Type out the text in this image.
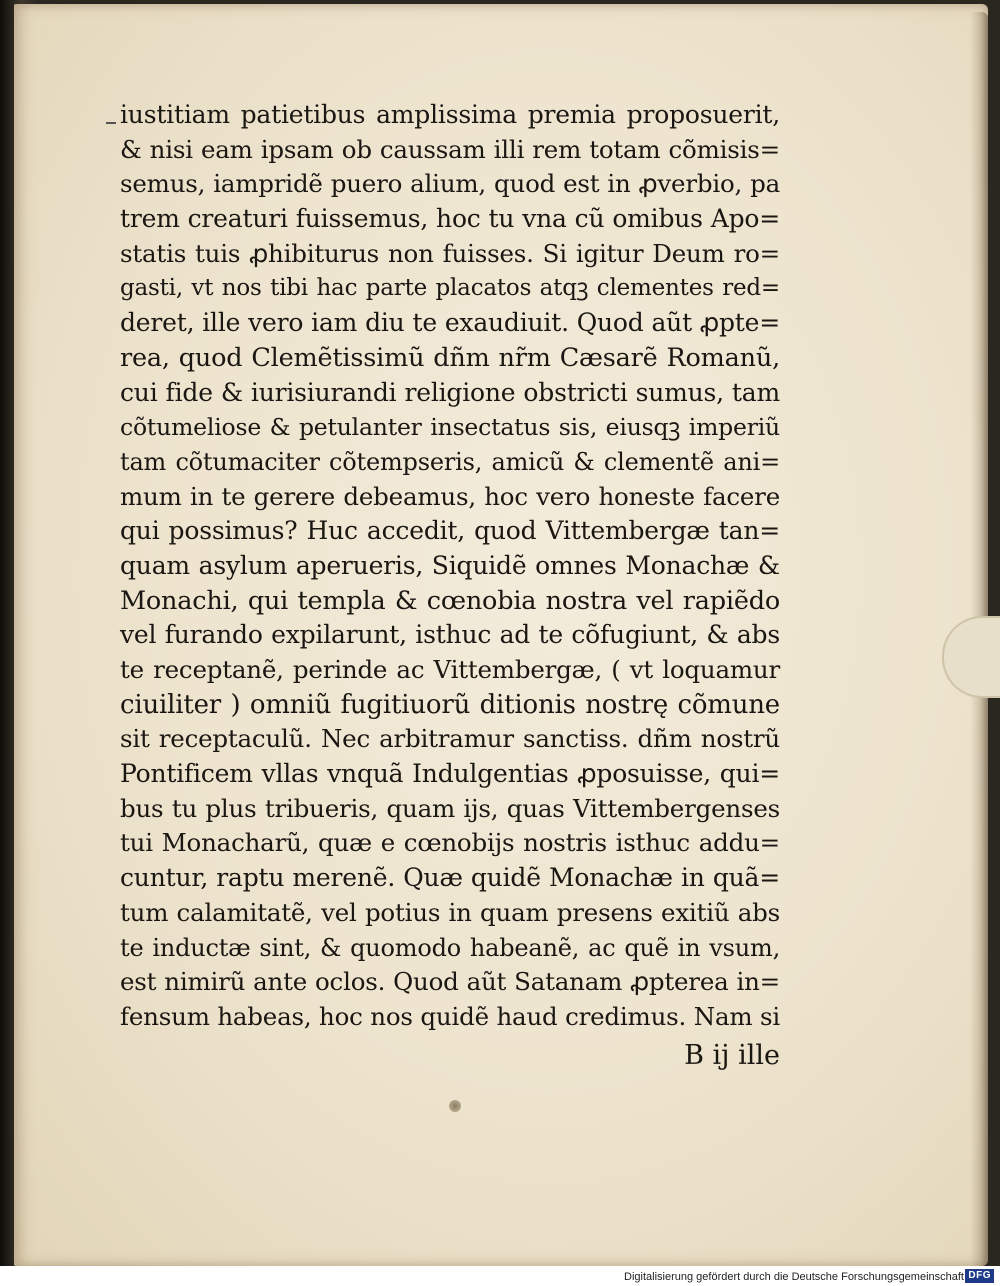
iustitiam patietibus amplissima premia proposuerit,
& nisi eam ipsam ob caussam illi rem totam cõmisis=
semus, iampridẽ puero alium, quod est in ꝓverbio, pa
trem creaturi fuissemus, hoc tu vna cũ omibus Apo=
statis tuis ꝓhibiturus non fuisses. Si igitur Deum ro=
gasti, vt nos tibi hac parte placatos atqꝫ clementes red=
deret, ille vero iam diu te exaudiuit. Quod aũt ꝓpte=
rea, quod Clemẽtissimũ dñm nr̃m Cæsarẽ Romanũ,
cui fide & iurisiurandi religione obstricti sumus, tam
cõtumeliose & petulanter insectatus sis, eiusqꝫ imperiũ
tam cõtumaciter cõtempseris, amicũ & clementẽ ani=
mum in te gerere debeamus, hoc vero honeste facere
qui possimus? Huc accedit, quod Vittembergæ tan=
quam asylum aperueris, Siquidẽ omnes Monachæ &
Monachi, qui templa & cœnobia nostra vel rapiẽdo
vel furando expilarunt, isthuc ad te cõfugiunt, & abs
te receptanẽ, perinde ac Vittembergæ, ( vt loquamur
ciuiliter ) omniũ fugitiuorũ ditionis nostrę cõmune
sit receptaculũ. Nec arbitramur sanctiss. dñm nostrũ
Pontificem vllas vnquã Indulgentias ꝓposuisse, qui=
bus tu plus tribueris, quam ijs, quas Vittembergenses
tui Monacharũ, quæ e cœnobijs nostris isthuc addu=
cuntur, raptu merenẽ. Quæ quidẽ Monachæ in quã=
tum calamitatẽ, vel potius in quam presens exitiũ abs
te inductæ sint, & quomodo habeanẽ, ac quẽ in vsum,
est nimirũ ante oclos. Quod aũt Satanam ꝓpterea in=
fensum habeas, hoc nos quidẽ haud credimus. Nam si
B ij ille
Digitalisierung gefördert durch die Deutsche Forschungsgemeinschaft DFG
